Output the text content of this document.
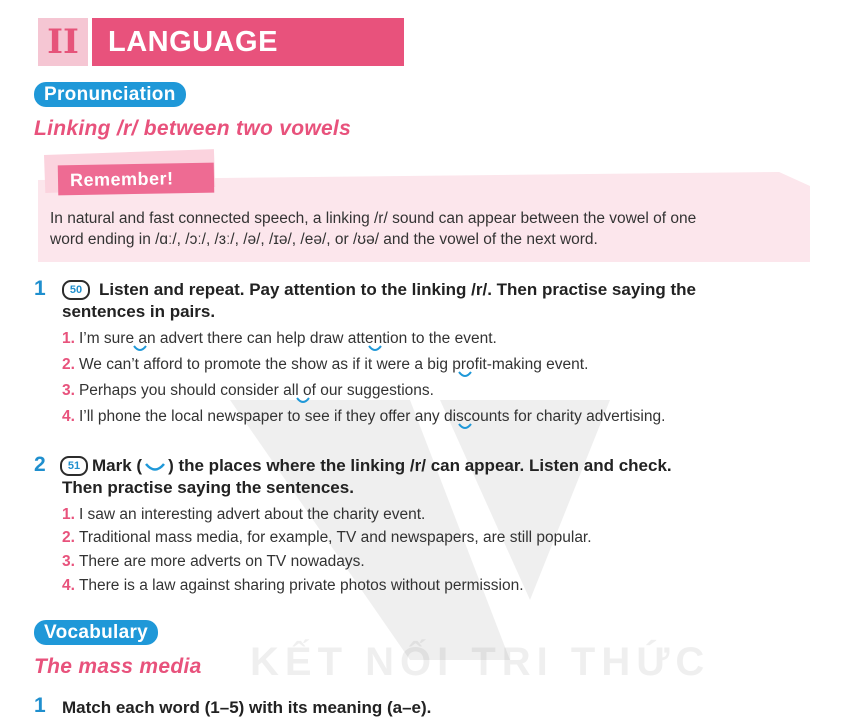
KẾT NỐI TRI THỨC
II	LANGUAGE
Pronunciation
Linking /r/ between two vowels
Remember!
In natural and fast connected speech, a linking /r/ sound can appear between the vowel of one
word ending in /ɑː/, /ɔː/, /ɜː/, /ə/, /ɪə/, /eə/, or /ʊə/ and the vowel of the next word.
1	50 Listen and repeat. Pay attention to the linking /r/. Then practise saying the
sentences in pairs.
1. I’m sure an advert there can help draw attention to the event.
2. We can’t afford to promote the show as if it were a big profit-making event.
3. Perhaps you should consider all of our suggestions.
4. I’ll phone the local newspaper to see if they offer any discounts for charity advertising.
2	51 Mark ( ) the places where the linking /r/ can appear. Listen and check.
Then practise saying the sentences.
1. I saw an interesting advert about the charity event.
2. Traditional mass media, for example, TV and newspapers, are still popular.
3. There are more adverts on TV nowadays.
4. There is a law against sharing private photos without permission.
Vocabulary
The mass media
1 Match each word (1–5) with its meaning (a–e).
